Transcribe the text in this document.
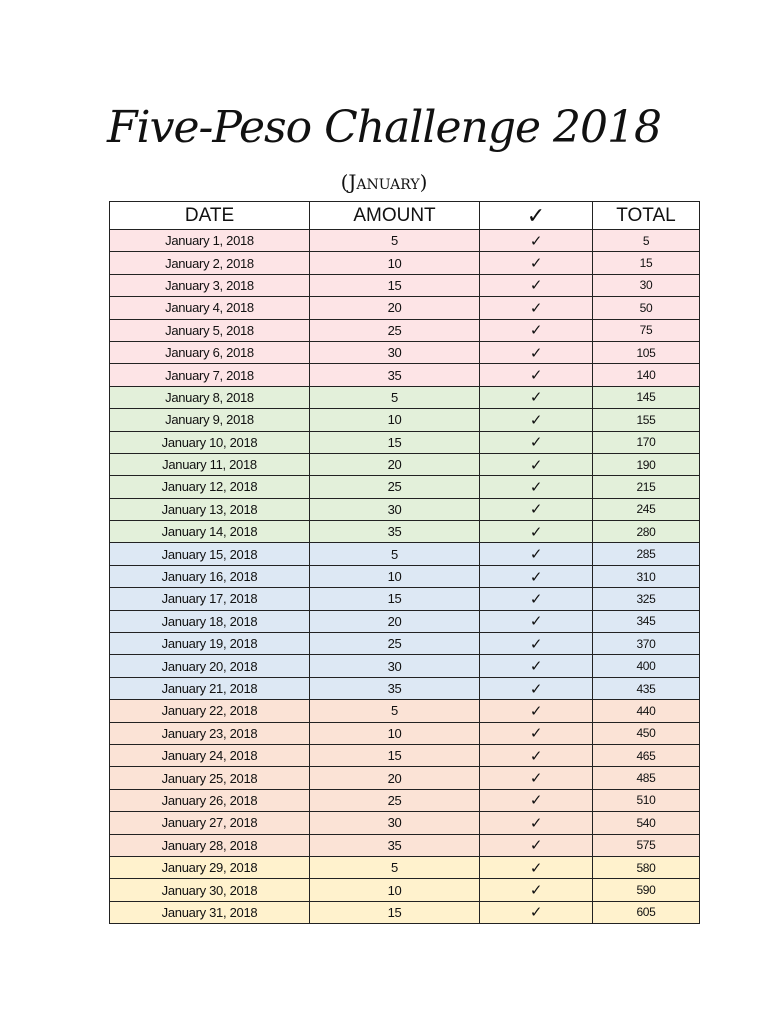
Five-Peso Challenge 2018
(January)
DATE	AMOUNT	✓	TOTAL
January 1, 2018	5	✓	5
January 2, 2018	10	✓	15
January 3, 2018	15	✓	30
January 4, 2018	20	✓	50
January 5, 2018	25	✓	75
January 6, 2018	30	✓	105
January 7, 2018	35	✓	140
January 8, 2018	5	✓	145
January 9, 2018	10	✓	155
January 10, 2018	15	✓	170
January 11, 2018	20	✓	190
January 12, 2018	25	✓	215
January 13, 2018	30	✓	245
January 14, 2018	35	✓	280
January 15, 2018	5	✓	285
January 16, 2018	10	✓	310
January 17, 2018	15	✓	325
January 18, 2018	20	✓	345
January 19, 2018	25	✓	370
January 20, 2018	30	✓	400
January 21, 2018	35	✓	435
January 22, 2018	5	✓	440
January 23, 2018	10	✓	450
January 24, 2018	15	✓	465
January 25, 2018	20	✓	485
January 26, 2018	25	✓	510
January 27, 2018	30	✓	540
January 28, 2018	35	✓	575
January 29, 2018	5	✓	580
January 30, 2018	10	✓	590
January 31, 2018	15	✓	605
